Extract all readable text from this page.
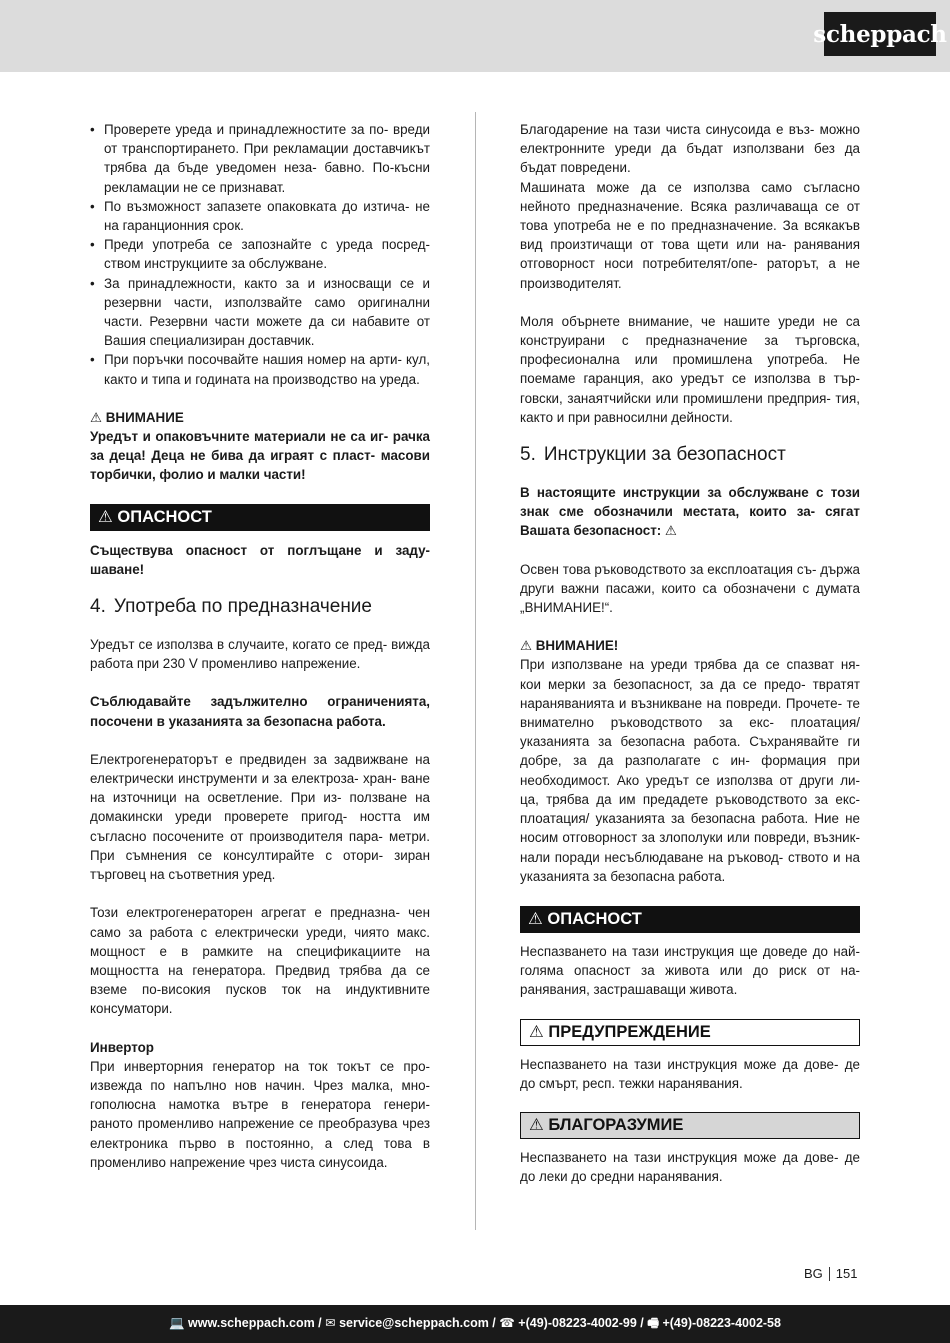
scheppach
• Проверете уреда и принадлежностите за по- вреди от транспортирането. При рекламации доставчикът трябва да бъде уведомен неза- бавно. По-късни рекламации не се признават.
• По възможност запазете опаковката до изтича- не на гаранционния срок.
• Преди употреба се запознайте с уреда посред- ством инструкциите за обслужване.
• За принадлежности, както за и износващи се и резервни части, използвайте само оригинални части. Резервни части можете да си набавите от Вашия специализиран доставчик.
• При поръчки посочвайте нашия номер на арти- кул, както и типа и годината на производство на уреда.
⚠ ВНИМАНИЕ

Уредът и опаковъчните материали не са иг- рачка за деца! Деца не бива да играят с пласт- масови торбички, фолио и малки части!

⚠ ОПАСНОСТ

Съществува опасност от поглъщане и заду- шаване!

4. Употреба по предназначение

Уредът се използва в случаите, когато се пред- вижда работа при 230 V променливо напрежение.

Съблюдавайте задължително ограниченията, посочени в указанията за безопасна работа.

Електрогенераторът е предвиден за задвижване на електрически инструменти и за електроза- хран- ване на източници на осветление. При из- ползване на домакински уреди проверете пригод- ността им съгласно посочените от производителя пара- метри. При съмнения се консултирайте с отори- зиран търговец на съответния уред.

Този електрогенераторен агрегат е предназна- чен само за работа с електрически уреди, чиято макс. мощност е в рамките на спецификациите на мощността на генератора. Предвид трябва да се вземе по-високия пусков ток на индуктивните консуматори.

Инвертор

При инверторния генератор на ток токът се про- извежда по напълно нов начин. Чрез малка, мно- гополюсна намотка вътре в генератора генери- раното променливо напрежение се преобразува чрез електроника първо в постоянно, а след това в променливо напрежение чрез чиста синусоида.

Благодарение на тази чиста синусоида е въз- можно електронните уреди да бъдат използвани без да бъдат повредени.

Машината може да се използва само съгласно нейното предназначение. Всяка различаваща се от това употреба не е по предназначение. За всякакъв вид произтичащи от това щети или на- ранявания отговорност носи потребителят/опе- раторът, а не производителят.

Моля обърнете внимание, че нашите уреди не са конструирани с предназначение за търговска, професионална или промишлена употреба. Не поемаме гаранция, ако уредът се използва в тър- говски, занаятчийски или промишлени предприя- тия, както и при равносилни дейности.

5. Инструкции за безопасност

В настоящите инструкции за обслужване с този знак сме обозначили местата, които за- сягат Вашата безопасност: ⚠

Освен това ръководството за експлоатация съ- държа други важни пасажи, които са обозначени с думата „ВНИМАНИЕ!“.

⚠ ВНИМАНИЕ!

При използване на уреди трябва да се спазват ня- кои мерки за безопасност, за да се предо- твратят нараняванията и възникване на повреди. Прочете- те внимателно ръководството за екс- плоатация/ указанията за безопасна работа. Съхранявайте ги добре, за да разполагате с ин- формация при необходимост. Ако уредът се използва от други ли- ца, трябва да им предадете ръководството за екс- плоатация/ указанията за безопасна работа. Ние не носим отговорност за злополуки или повреди, възник- нали поради несъблюдаване на ръковод- ството и на указанията за безопасна работа.

⚠ ОПАСНОСТ

Неспазването на тази инструкция ще доведе до най-голяма опасност за живота или до риск от на- ранявания, застрашаващи живота.

⚠ ПРЕДУПРЕЖДЕНИЕ

Неспазването на тази инструкция може да дове- де до смърт, респ. тежки наранявания.

⚠ БЛАГОРАЗУМИЕ

Неспазването на тази инструкция може да дове- де до леки до средни наранявания.

BG 151
💻 www.scheppach.com / ✉ service@scheppach.com / ☎ +(49)-08223-4002-99 / 🖷 +(49)-08223-4002-58
